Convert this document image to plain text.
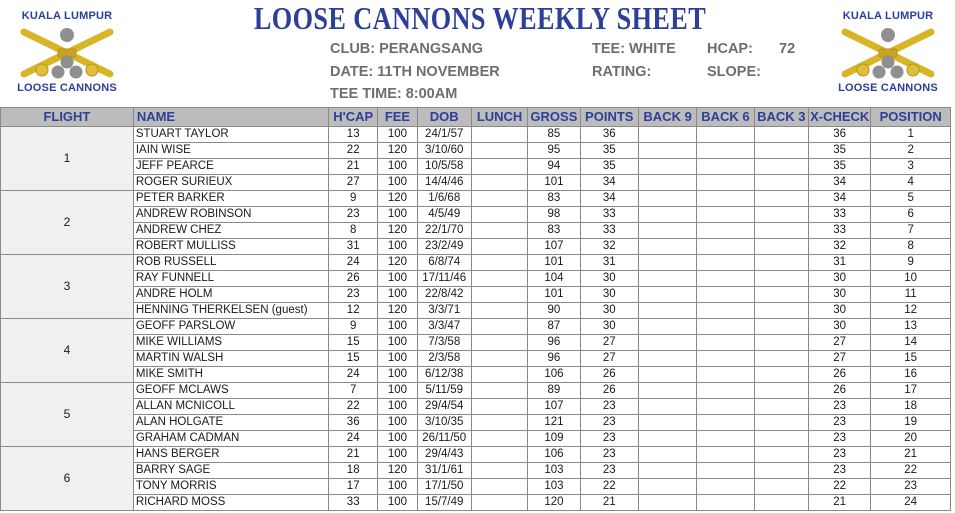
KUALA LUMPUR
LOOSE CANNONS
LOOSE CANNONS WEEKLY SHEET
CLUB: PERANGSANG
DATE: 11TH NOVEMBER
TEE TIME: 8:00AM
TEE: WHITE
RATING:
HCAP: 72
SLOPE:
KUALA LUMPUR
LOOSE CANNONS
FLIGHT	NAME	H'CAP	FEE	DOB	LUNCH	GROSS	POINTS	BACK 9	BACK 6	BACK 3	X-CHECK	POSITION
1	STUART TAYLOR	13	100	24/1/57		85	36				36	1
	IAIN WISE	22	120	3/10/60		95	35				35	2
	JEFF PEARCE	21	100	10/5/58		94	35				35	3
	ROGER SURIEUX	27	100	14/4/46		101	34				34	4
2	PETER BARKER	9	120	1/6/68		83	34				34	5
	ANDREW ROBINSON	23	100	4/5/49		98	33				33	6
	ANDREW CHEZ	8	120	22/1/70		83	33				33	7
	ROBERT MULLISS	31	100	23/2/49		107	32				32	8
3	ROB RUSSELL	24	120	6/8/74		101	31				31	9
	RAY FUNNELL	26	100	17/11/46		104	30				30	10
	ANDRE HOLM	23	100	22/8/42		101	30				30	11
	HENNING THERKELSEN (guest)	12	120	3/3/71		90	30				30	12
4	GEOFF PARSLOW	9	100	3/3/47		87	30				30	13
	MIKE WILLIAMS	15	100	7/3/58		96	27				27	14
	MARTIN WALSH	15	100	2/3/58		96	27				27	15
	MIKE SMITH	24	100	6/12/38		106	26				26	16
5	GEOFF MCLAWS	7	100	5/11/59		89	26				26	17
	ALLAN MCNICOLL	22	100	29/4/54		107	23				23	18
	ALAN HOLGATE	36	100	3/10/35		121	23				23	19
	GRAHAM CADMAN	24	100	26/11/50		109	23				23	20
6	HANS BERGER	21	100	29/4/43		106	23				23	21
	BARRY SAGE	18	120	31/1/61		103	23				23	22
	TONY MORRIS	17	100	17/1/50		103	22				22	23
	RICHARD MOSS	33	100	15/7/49		120	21				21	24
